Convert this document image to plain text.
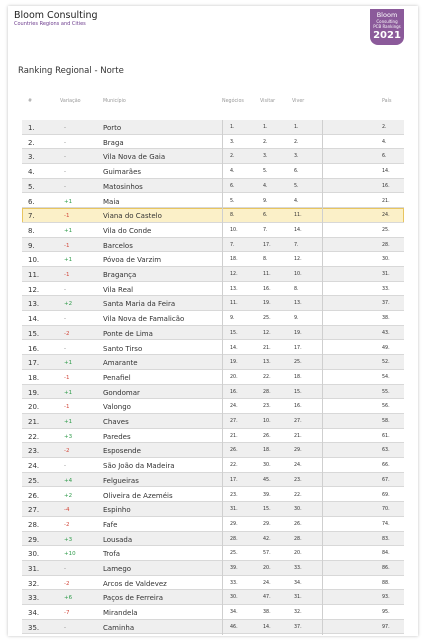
Bloom Consulting
Countries Regions and Cities
Bloom
Consulting
PCB Rankings
2021
Ranking Regional - Norte
#	Variação	Município	Negócios	Visitar	Viver	País
1.	-	Porto	1.	1.	1.	2.
2.	-	Braga	3.	2.	2.	4.
3.	-	Vila Nova de Gaia	2.	3.	3.	6.
4.	-	Guimarães	4.	5.	6.	14.
5.	-	Matosinhos	6.	4.	5.	16.
6.	+1	Maia	5.	9.	4.	21.
7.	-1	Viana do Castelo	8.	6.	11.	24.
8.	+1	Vila do Conde	10.	7.	14.	25.
9.	-1	Barcelos	7.	17.	7.	28.
10.	+1	Póvoa de Varzim	18.	8.	12.	30.
11.	-1	Bragança	12.	11.	10.	31.
12.	-	Vila Real	13.	16.	8.	33.
13.	+2	Santa Maria da Feira	11.	19.	13.	37.
14.	-	Vila Nova de Famalicão	9.	25.	9.	38.
15.	-2	Ponte de Lima	15.	12.	19.	43.
16.	-	Santo Tirso	14.	21.	17.	49.
17.	+1	Amarante	19.	13.	25.	52.
18.	-1	Penafiel	20.	22.	18.	54.
19.	+1	Gondomar	16.	28.	15.	55.
20.	-1	Valongo	24.	23.	16.	56.
21.	+1	Chaves	27.	10.	27.	58.
22.	+3	Paredes	21.	26.	21.	61.
23.	-2	Esposende	26.	18.	29.	63.
24.	-	São João da Madeira	22.	30.	24.	66.
25.	+4	Felgueiras	17.	45.	23.	67.
26.	+2	Oliveira de Azeméis	23.	39.	22.	69.
27.	-4	Espinho	31.	15.	30.	70.
28.	-2	Fafe	29.	29.	26.	74.
29.	+3	Lousada	28.	42.	28.	83.
30.	+10	Trofa	25.	57.	20.	84.
31.	-	Lamego	39.	20.	33.	86.
32.	-2	Arcos de Valdevez	33.	24.	34.	88.
33.	+6	Paços de Ferreira	30.	47.	31.	93.
34.	-7	Mirandela	34.	38.	32.	95.
35.	-	Caminha	46.	14.	37.	97.
